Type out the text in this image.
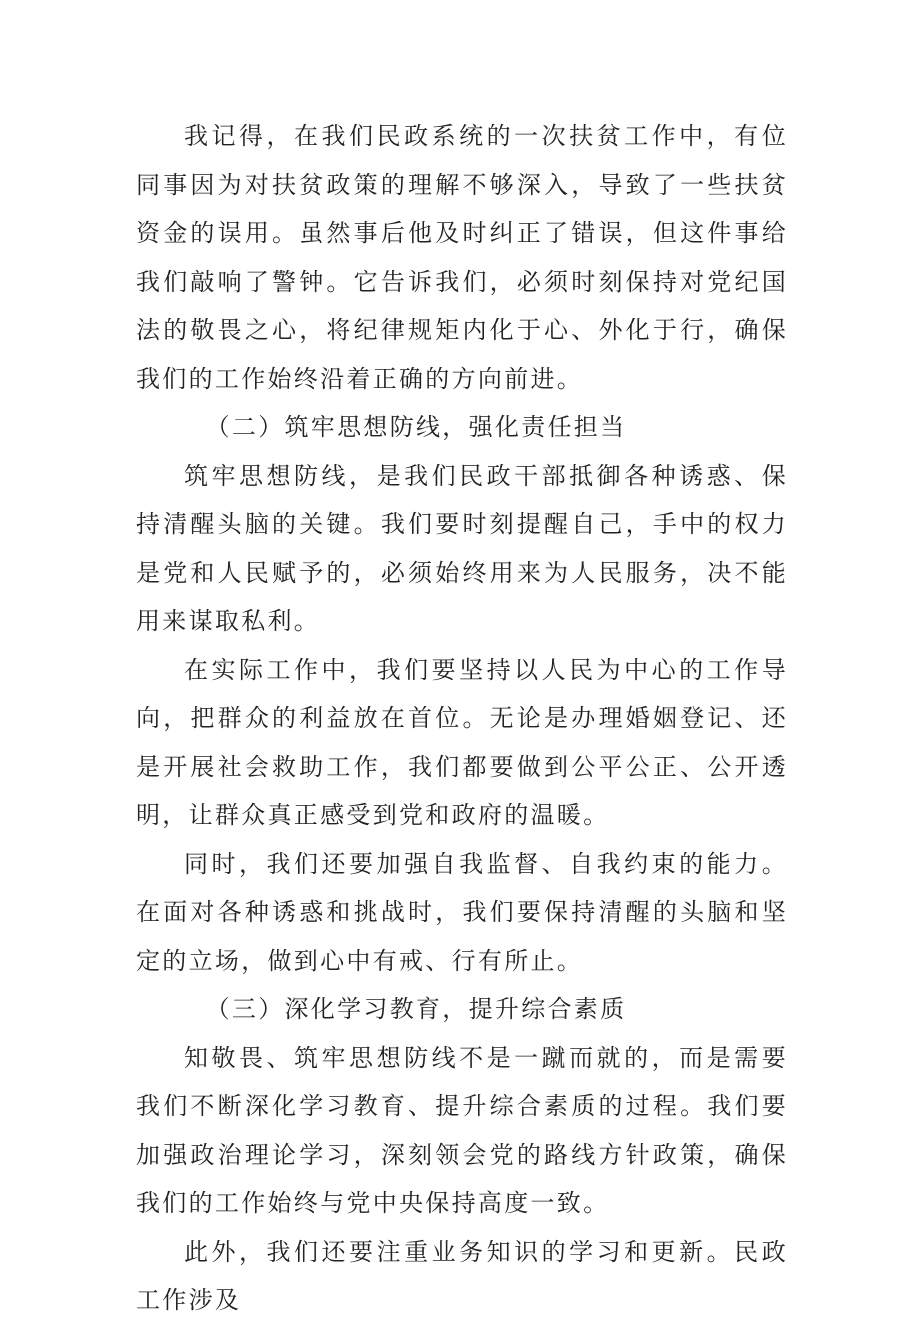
我记得，在我们民政系统的一次扶贫工作中，有位同事因为对扶贫政策的理解不够深入，导致了一些扶贫资金的误用。虽然事后他及时纠正了错误，但这件事给我们敲响了警钟。它告诉我们，必须时刻保持对党纪国法的敬畏之心，将纪律规矩内化于心、外化于行，确保我们的工作始终沿着正确的方向前进。

（二）筑牢思想防线，强化责任担当

筑牢思想防线，是我们民政干部抵御各种诱惑、保持清醒头脑的关键。我们要时刻提醒自己，手中的权力是党和人民赋予的，必须始终用来为人民服务，决不能用来谋取私利。

在实际工作中，我们要坚持以人民为中心的工作导向，把群众的利益放在首位。无论是办理婚姻登记、还是开展社会救助工作，我们都要做到公平公正、公开透明，让群众真正感受到党和政府的温暖。

同时，我们还要加强自我监督、自我约束的能力。在面对各种诱惑和挑战时，我们要保持清醒的头脑和坚定的立场，做到心中有戒、行有所止。

（三）深化学习教育，提升综合素质

知敬畏、筑牢思想防线不是一蹴而就的，而是需要我们不断深化学习教育、提升综合素质的过程。我们要加强政治理论学习，深刻领会党的路线方针政策，确保我们的工作始终与党中央保持高度一致。

此外，我们还要注重业务知识的学习和更新。民政工作涉及
